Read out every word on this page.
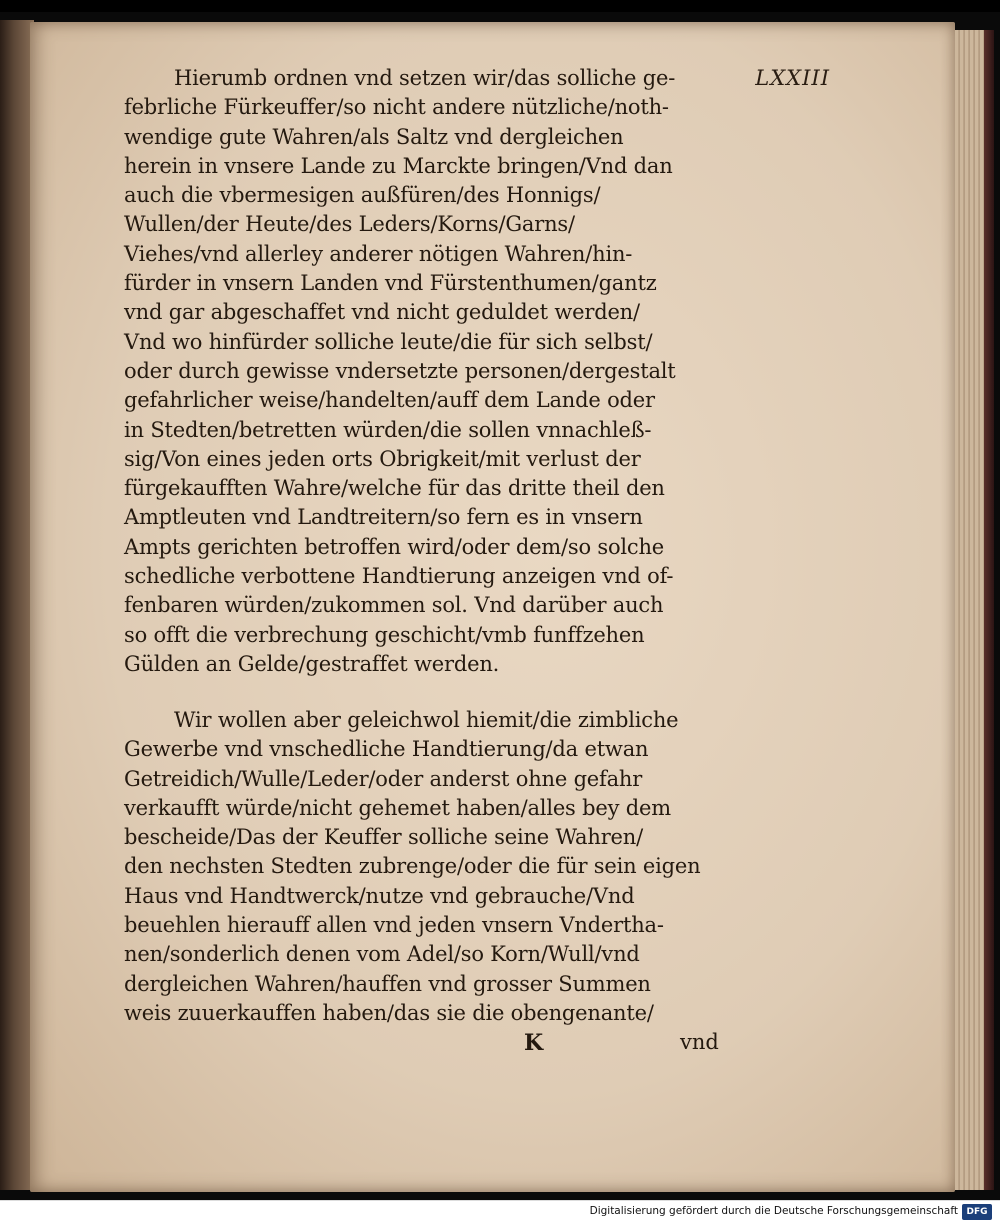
LXXIII
Hierumb ordnen vnd setzen wir/das solliche ge-
febrliche Fürkeuffer/so nicht andere nützliche/noth-
wendige gute Wahren/als Saltz vnd dergleichen
herein in vnsere Lande zu Marckte bringen/Vnd dan
auch die vbermesigen außfüren/des Honnigs/
Wullen/der Heute/des Leders/Korns/Garns/
Viehes/vnd allerley anderer nötigen Wahren/hin-
fürder in vnsern Landen vnd Fürstenthumen/gantz
vnd gar abgeschaffet vnd nicht geduldet werden/
Vnd wo hinfürder solliche leute/die für sich selbst/
oder durch gewisse vndersetzte personen/dergestalt
gefahrlicher weise/handelten/auff dem Lande oder
in Stedten/betretten würden/die sollen vnnachleß-
sig/Von eines jeden orts Obrigkeit/mit verlust der
fürgekaufften Wahre/welche für das dritte theil den
Amptleuten vnd Landtreitern/so fern es in vnsern
Ampts gerichten betroffen wird/oder dem/so solche
schedliche verbottene Handtierung anzeigen vnd of-
fenbaren würden/zukommen sol. Vnd darüber auch
so offt die verbrechung geschicht/vmb funffzehen
Gülden an Gelde/gestraffet werden.
Wir wollen aber geleichwol hiemit/die zimbliche
Gewerbe vnd vnschedliche Handtierung/da etwan
Getreidich/Wulle/Leder/oder anderst ohne gefahr
verkaufft würde/nicht gehemet haben/alles bey dem
bescheide/Das der Keuffer solliche seine Wahren/
den nechsten Stedten zubrenge/oder die für sein eigen
Haus vnd Handtwerck/nutze vnd gebrauche/Vnd
beuehlen hierauff allen vnd jeden vnsern Vndertha-
nen/sonderlich denen vom Adel/so Korn/Wull/vnd
dergleichen Wahren/hauffen vnd grosser Summen
weis zuuerkauffen haben/das sie die obengenante/
K	vnd
Digitalisierung gefördert durch die Deutsche Forschungsgemeinschaft DFG
